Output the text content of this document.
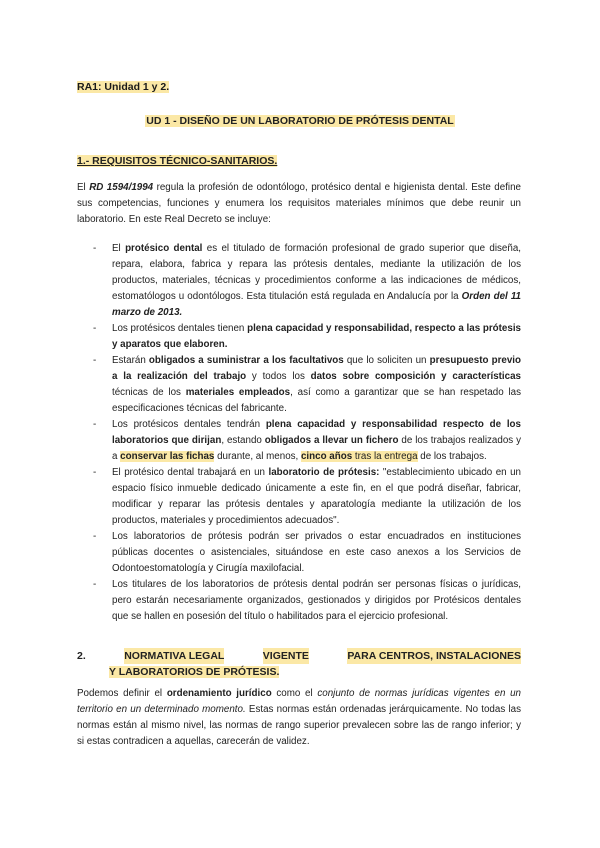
RA1: Unidad 1 y 2.
UD 1 - DISEÑO DE UN LABORATORIO DE PRÓTESIS DENTAL
1.- REQUISITOS TÉCNICO-SANITARIOS.

El RD 1594/1994 regula la profesión de odontólogo, protésico dental e higienista dental. Este define sus competencias, funciones y enumera los requisitos materiales mínimos que debe reunir un laboratorio. En este Real Decreto se incluye:

- El protésico dental es el titulado de formación profesional de grado superior que diseña, repara, elabora, fabrica y repara las prótesis dentales, mediante la utilización de los productos, materiales, técnicas y procedimientos conforme a las indicaciones de médicos, estomatólogos u odontólogos. Esta titulación está regulada en Andalucía por la Orden del 11 marzo de 2013.
- Los protésicos dentales tienen plena capacidad y responsabilidad, respecto a las prótesis y aparatos que elaboren.
- Estarán obligados a suministrar a los facultativos que lo soliciten un presupuesto previo a la realización del trabajo y todos los datos sobre composición y características técnicas de los materiales empleados, así como a garantizar que se han respetado las especificaciones técnicas del fabricante.
- Los protésicos dentales tendrán plena capacidad y responsabilidad respecto de los laboratorios que dirijan, estando obligados a llevar un fichero de los trabajos realizados y a conservar las fichas durante, al menos, cinco años tras la entrega de los trabajos.
- El protésico dental trabajará en un laboratorio de prótesis: "establecimiento ubicado en un espacio físico inmueble dedicado únicamente a este fin, en el que podrá diseñar, fabricar, modificar y reparar las prótesis dentales y aparatología mediante la utilización de los productos, materiales y procedimientos adecuados".
- Los laboratorios de prótesis podrán ser privados o estar encuadrados en instituciones públicas docentes o asistenciales, situándose en este caso anexos a los Servicios de Odontoestomatología y Cirugía maxilofacial.
- Los titulares de los laboratorios de prótesis dental podrán ser personas físicas o jurídicas, pero estarán necesariamente organizados, gestionados y dirigidos por Protésicos dentales que se hallen en posesión del título o habilitados para el ejercicio profesional.
2.	NORMATIVA LEGAL	VIGENTE	PARA CENTROS, INSTALACIONES
Y LABORATORIOS DE PRÓTESIS.

Podemos definir el ordenamiento jurídico como el conjunto de normas jurídicas vigentes en un territorio en un determinado momento. Estas normas están ordenadas jerárquicamente. No todas las normas están al mismo nivel, las normas de rango superior prevalecen sobre las de rango inferior; y si estas contradicen a aquellas, carecerán de validez.
